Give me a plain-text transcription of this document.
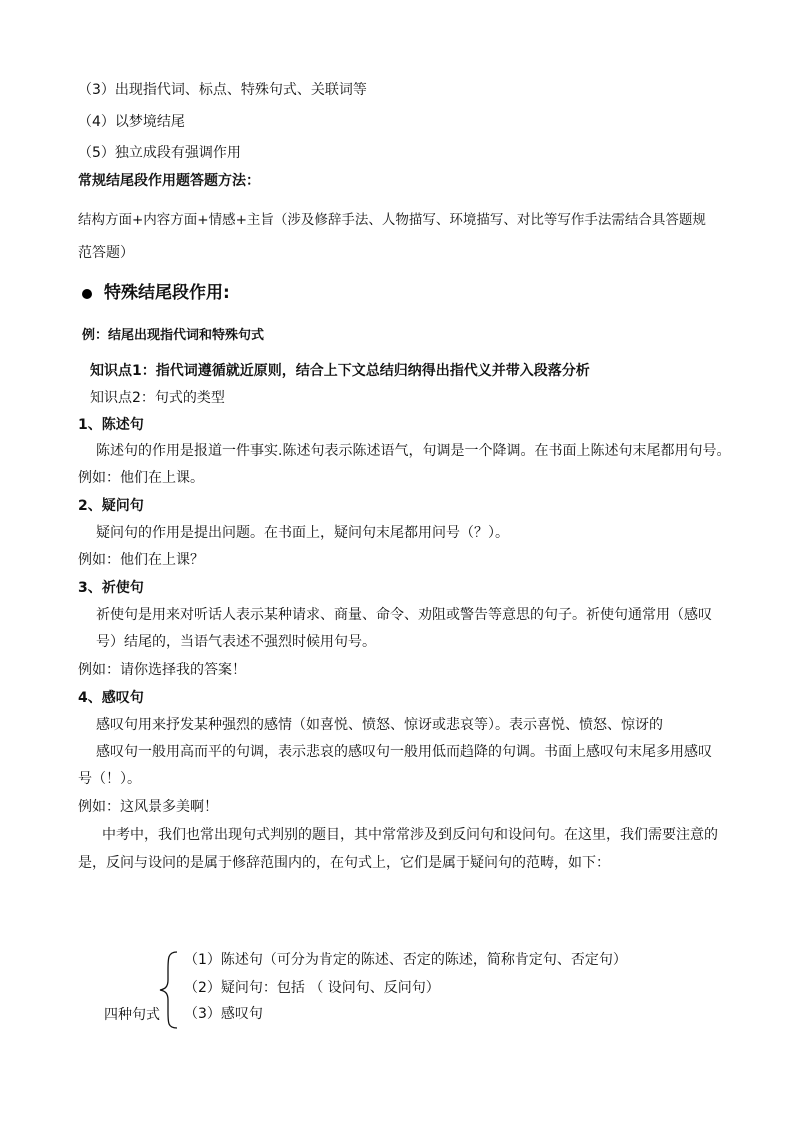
（3）出现指代词、标点、特殊句式、关联词等
（4）以梦境结尾
（5）独立成段有强调作用
常规结尾段作用题答题方法：
结构方面+内容方面+情感+主旨（涉及修辞手法、人物描写、环境描写、对比等写作手法需结合具答题规
范答题）
特殊结尾段作用:
例：结尾出现指代词和特殊句式
知识点1：指代词遵循就近原则，结合上下文总结归纳得出指代义并带入段落分析
知识点2：句式的类型
1、陈述句
陈述句的作用是报道一件事实.陈述句表示陈述语气，句调是一个降调。在书面上陈述句末尾都用句号。
例如：他们在上课。
2、疑问句
疑问句的作用是提出问题。在书面上，疑问句末尾都用问号（？）。
例如：他们在上课？
3、祈使句
祈使句是用来对听话人表示某种请求、商量、命令、劝阻或警告等意思的句子。祈使句通常用（感叹
号）结尾的，当语气表述不强烈时候用句号。
例如：请你选择我的答案！
4、感叹句
感叹句用来抒发某种强烈的感情（如喜悦、愤怒、惊讶或悲哀等）。表示喜悦、愤怒、惊讶的
感叹句一般用高而平的句调，表示悲哀的感叹句一般用低而趋降的句调。书面上感叹句末尾多用感叹
号（！）。
例如：这风景多美啊！
中考中，我们也常出现句式判别的题目，其中常常涉及到反问句和设问句。在这里，我们需要注意的
是，反问与设问的是属于修辞范围内的，在句式上，它们是属于疑问句的范畴，如下：
四种句式
（1）陈述句（可分为肯定的陈述、否定的陈述，简称肯定句、否定句）
（2）疑问句：包括 （ 设问句、反问句）
（3）感叹句
